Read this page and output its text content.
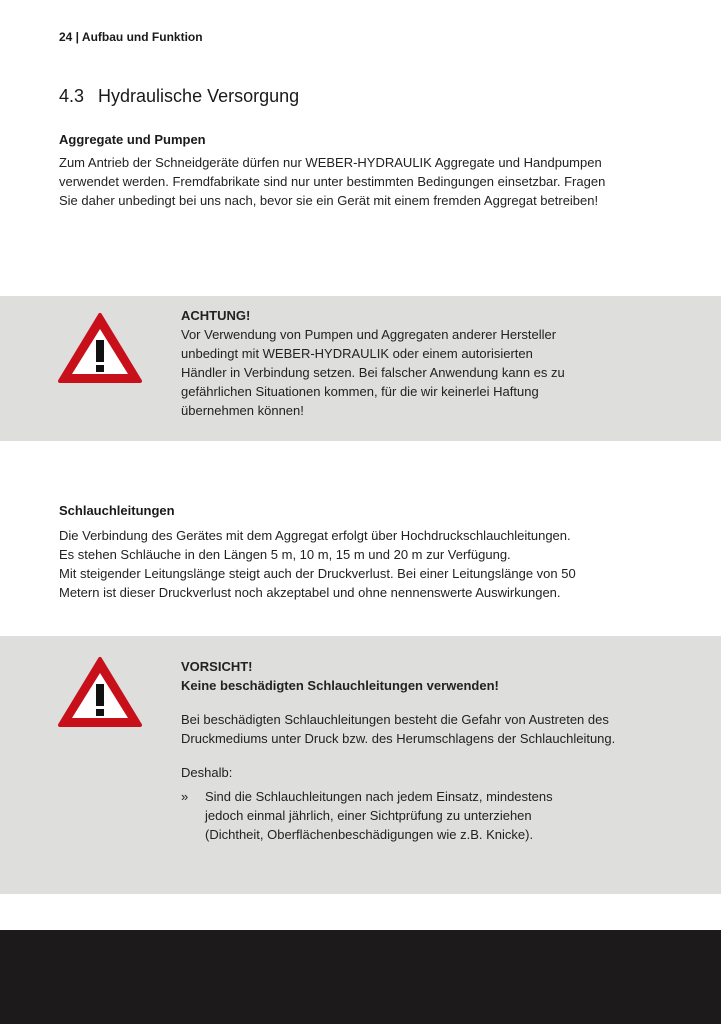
24 | Aufbau und Funktion
4.3 Hydraulische Versorgung
Aggregate und Pumpen
Zum Antrieb der Schneidgeräte dürfen nur WEBER-HYDRAULIK Aggregate und Handpumpen
verwendet werden. Fremdfabrikate sind nur unter bestimmten Bedingungen einsetzbar. Fragen
Sie daher unbedingt bei uns nach, bevor sie ein Gerät mit einem fremden Aggregat betreiben!
ACHTUNG!
Vor Verwendung von Pumpen und Aggregaten anderer Hersteller
unbedingt mit WEBER-HYDRAULIK oder einem autorisierten
Händler in Verbindung setzen. Bei falscher Anwendung kann es zu
gefährlichen Situationen kommen, für die wir keinerlei Haftung
übernehmen können!
Schlauchleitungen
Die Verbindung des Gerätes mit dem Aggregat erfolgt über Hochdruckschlauchleitungen.
Es stehen Schläuche in den Längen 5 m, 10 m, 15 m und 20 m zur Verfügung.
Mit steigender Leitungslänge steigt auch der Druckverlust. Bei einer Leitungslänge von 50
Metern ist dieser Druckverlust noch akzeptabel und ohne nennenswerte Auswirkungen.
VORSICHT!
Keine beschädigten Schlauchleitungen verwenden!
Bei beschädigten Schlauchleitungen besteht die Gefahr von Austreten des
Druckmediums unter Druck bzw. des Herumschlagens der Schlauchleitung.
Deshalb:
» Sind die Schlauchleitungen nach jedem Einsatz, mindestens
jedoch einmal jährlich, einer Sichtprüfung zu unterziehen
(Dichtheit, Oberflächenbeschädigungen wie z.B. Knicke).
